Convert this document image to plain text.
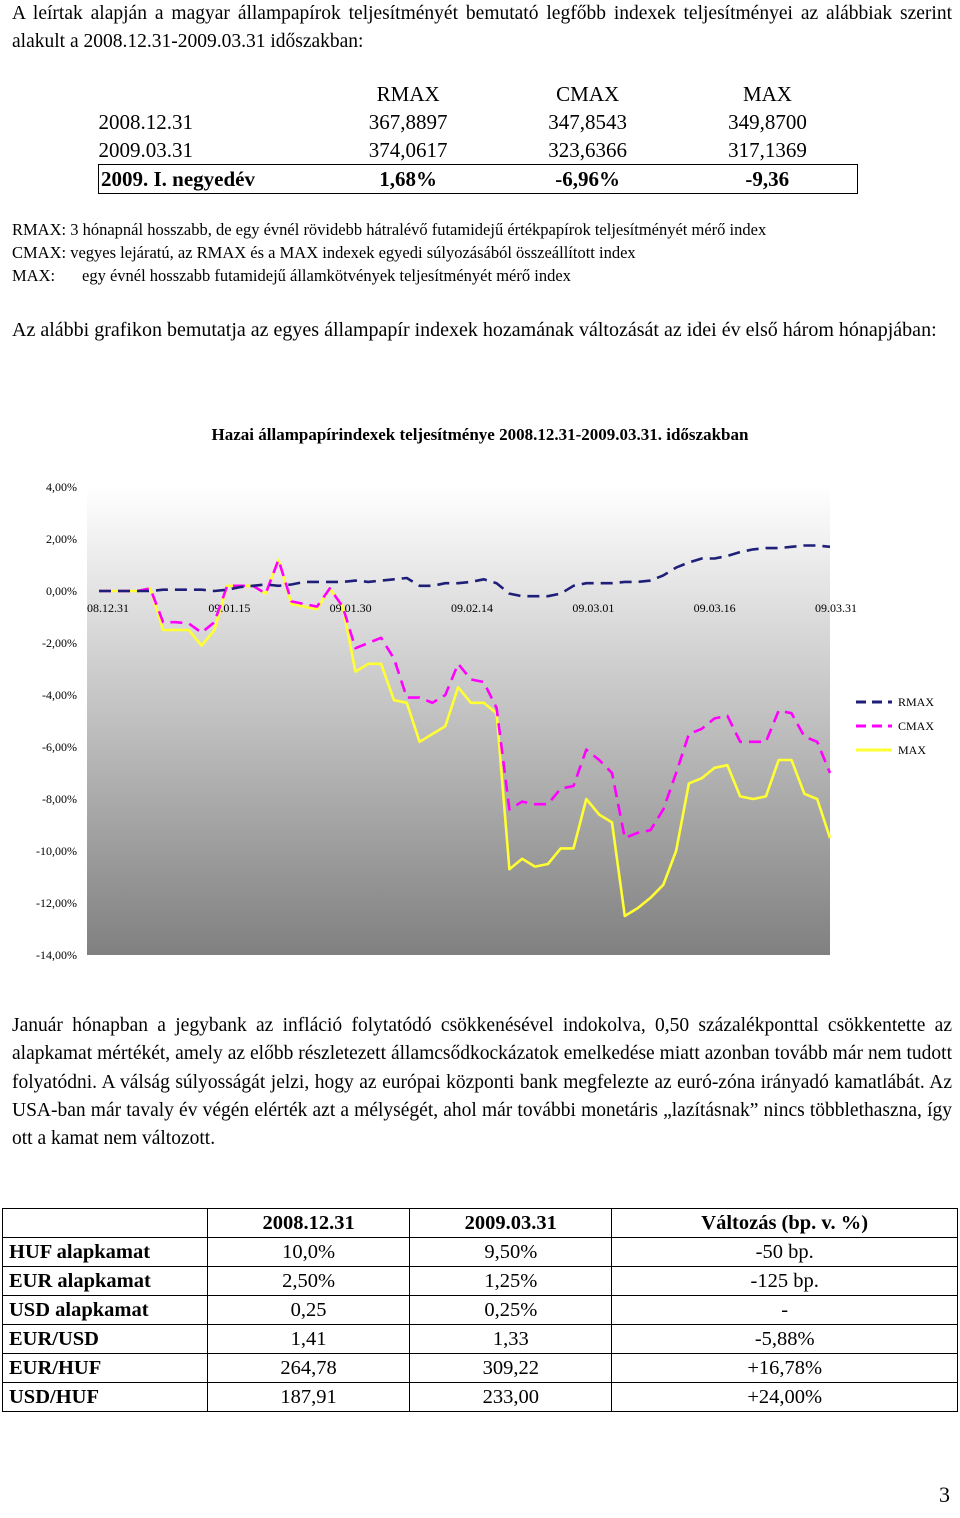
A leírtak alapján a magyar állampapírok teljesítményét bemutató legfőbb indexek teljesítményei az alábbiak szerint alakult a 2008.12.31-2009.03.31 időszakban:

	RMAX	CMAX	MAX
2008.12.31	367,8897	347,8543	349,8700
2009.03.31	374,0617	323,6366	317,1369
2009. I. negyedév	1,68%	-6,96%	-9,36
RMAX: 3 hónapnál hosszabb, de egy évnél rövidebb hátralévő futamidejű értékpapírok teljesítményét mérő index
CMAX: vegyes lejáratú, az RMAX és a MAX indexek egyedi súlyozásából összeállított index
MAX: egy évnél hosszabb futamidejű államkötvények teljesítményét mérő index

Az alábbi grafikon bemutatja az egyes állampapír indexek hozamának változását az idei év első három hónapjában:

Hazai állampapírindexek teljesítménye 2008.12.31-2009.03.31. időszakban
4,00%
2,00%
0,00%
-2,00%
-4,00%
-6,00%
-8,00%
-10,00%
-12,00%
-14,00%
08.12.31	09.01.15	09.01.30	09.02.14	09.03.01	09.03.16	09.03.31
RMAX
CMAX
MAX

Január hónapban a jegybank az infláció folytatódó csökkenésével indokolva, 0,50 százalékponttal csökkentette az alapkamat mértékét, amely az előbb részletezett államcsődkockázatok emelkedése miatt azonban tovább már nem tudott folyatódni. A válság súlyosságát jelzi, hogy az európai központi bank megfelezte az euró-zóna irányadó kamatlábát. Az USA-ban már tavaly év végén elérték azt a mélységét, ahol már további monetáris „lazításnak” nincs többlethaszna, így ott a kamat nem változott.

	2008.12.31	2009.03.31	Változás (bp. v. %)
HUF alapkamat	10,0%	9,50%	-50 bp.
EUR alapkamat	2,50%	1,25%	-125 bp.
USD alapkamat	0,25	0,25%	-
EUR/USD	1,41	1,33	-5,88%
EUR/HUF	264,78	309,22	+16,78%
USD/HUF	187,91	233,00	+24,00%
3
